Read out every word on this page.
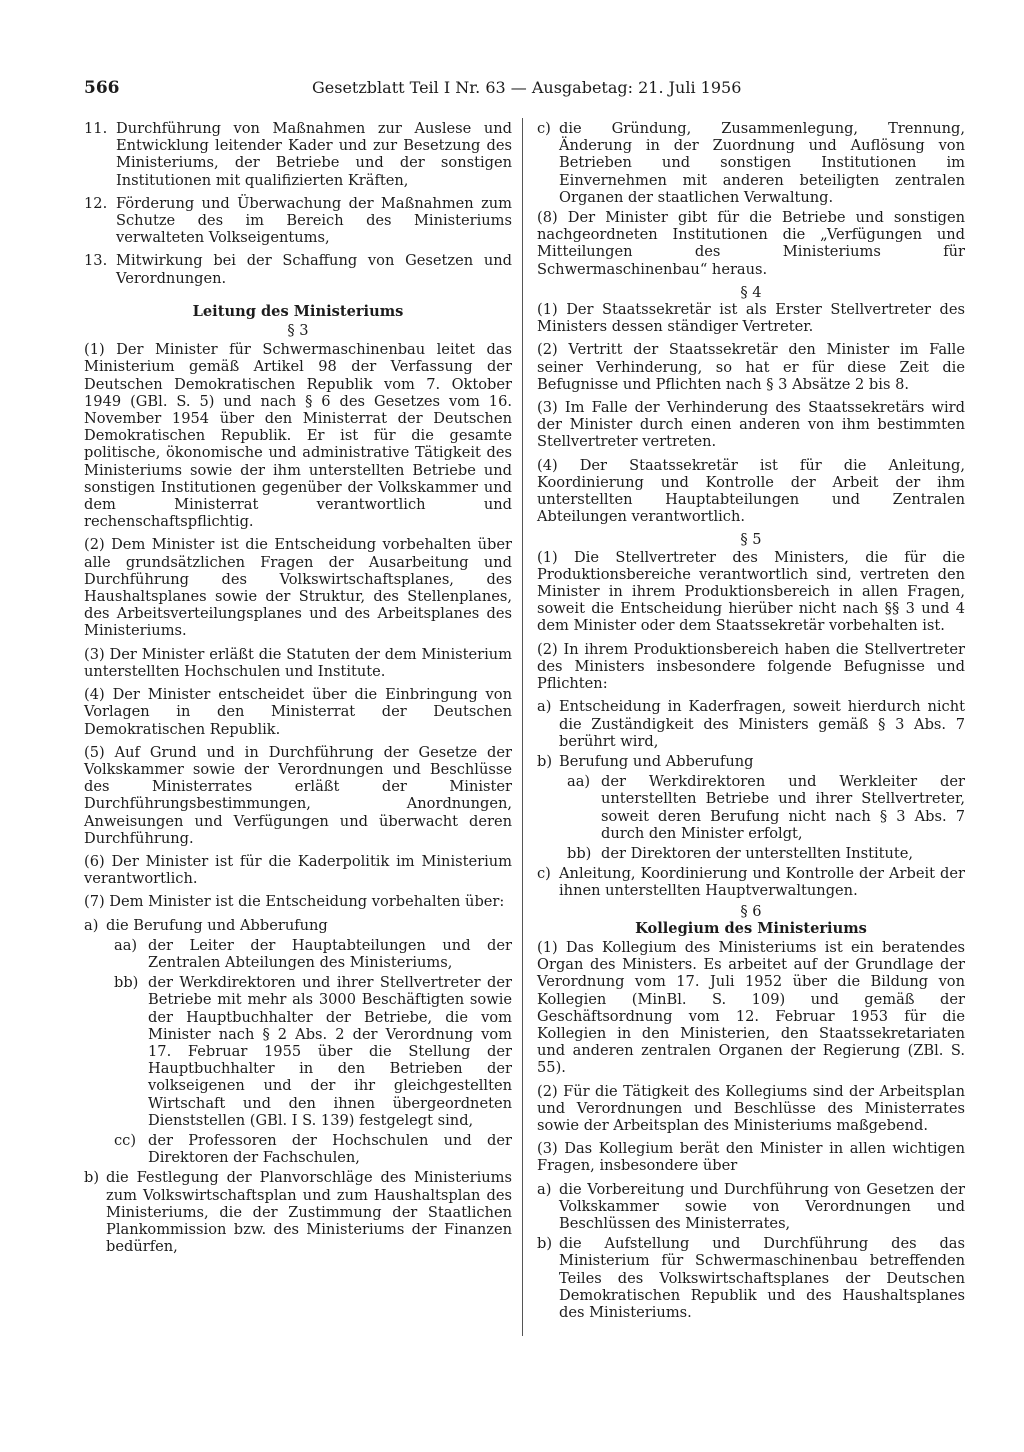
566	Gesetzblatt Teil I Nr. 63 — Ausgabetag: 21. Juli 1956
11. Durchführung von Maßnahmen zur Auslese und Entwicklung leitender Kader und zur Besetzung des Ministeriums, der Betriebe und der sonstigen Institutionen mit qualifizierten Kräften,
12. Förderung und Überwachung der Maßnahmen zum Schutze des im Bereich des Ministeriums verwalteten Volkseigentums,
13. Mitwirkung bei der Schaffung von Gesetzen und Verordnungen.
Leitung des Ministeriums
§ 3

(1) Der Minister für Schwermaschinenbau leitet das Ministerium gemäß Artikel 98 der Verfassung der Deutschen Demokratischen Republik vom 7. Oktober 1949 (GBl. S. 5) und nach § 6 des Gesetzes vom 16. November 1954 über den Ministerrat der Deutschen Demokratischen Republik. Er ist für die gesamte politische, ökonomische und administrative Tätigkeit des Ministeriums sowie der ihm unterstellten Betriebe und sonstigen Institutionen gegenüber der Volkskammer und dem Ministerrat verantwortlich und rechenschaftspflichtig.

(2) Dem Minister ist die Entscheidung vorbehalten über alle grundsätzlichen Fragen der Ausarbeitung und Durchführung des Volkswirtschaftsplanes, des Haushaltsplanes sowie der Struktur, des Stellenplanes, des Arbeitsverteilungsplanes und des Arbeitsplanes des Ministeriums.

(3) Der Minister erläßt die Statuten der dem Ministerium unterstellten Hochschulen und Institute.

(4) Der Minister entscheidet über die Einbringung von Vorlagen in den Ministerrat der Deutschen Demokratischen Republik.

(5) Auf Grund und in Durchführung der Gesetze der Volkskammer sowie der Verordnungen und Beschlüsse des Ministerrates erläßt der Minister Durchführungsbestimmungen, Anordnungen, Anweisungen und Verfügungen und überwacht deren Durchführung.

(6) Der Minister ist für die Kaderpolitik im Ministerium verantwortlich.

(7) Dem Minister ist die Entscheidung vorbehalten über:

a) die Berufung und Abberufung
aa) der Leiter der Hauptabteilungen und der Zentralen Abteilungen des Ministeriums,
bb) der Werkdirektoren und ihrer Stellvertreter der Betriebe mit mehr als 3000 Beschäftigten sowie der Hauptbuchhalter der Betriebe, die vom Minister nach § 2 Abs. 2 der Verordnung vom 17. Februar 1955 über die Stellung der Hauptbuchhalter in den Betrieben der volkseigenen und der ihr gleichgestellten Wirtschaft und den ihnen übergeordneten Dienststellen (GBl. I S. 139) festgelegt sind,
cc) der Professoren der Hochschulen und der Direktoren der Fachschulen,
b) die Festlegung der Planvorschläge des Ministeriums zum Volkswirtschaftsplan und zum Haushaltsplan des Ministeriums, die der Zustimmung der Staatlichen Plankommission bzw. des Ministeriums der Finanzen bedürfen,
c) die Gründung, Zusammenlegung, Trennung, Änderung in der Zuordnung und Auflösung von Betrieben und sonstigen Institutionen im Einvernehmen mit anderen beteiligten zentralen Organen der staatlichen Verwaltung.

(8) Der Minister gibt für die Betriebe und sonstigen nachgeordneten Institutionen die „Verfügungen und Mitteilungen des Ministeriums für Schwermaschinenbau“ heraus.

§ 4

(1) Der Staatssekretär ist als Erster Stellvertreter des Ministers dessen ständiger Vertreter.

(2) Vertritt der Staatssekretär den Minister im Falle seiner Verhinderung, so hat er für diese Zeit die Befugnisse und Pflichten nach § 3 Absätze 2 bis 8.

(3) Im Falle der Verhinderung des Staatssekretärs wird der Minister durch einen anderen von ihm bestimmten Stellvertreter vertreten.

(4) Der Staatssekretär ist für die Anleitung, Koordinierung und Kontrolle der Arbeit der ihm unterstellten Hauptabteilungen und Zentralen Abteilungen verantwortlich.

§ 5

(1) Die Stellvertreter des Ministers, die für die Produktionsbereiche verantwortlich sind, vertreten den Minister in ihrem Produktionsbereich in allen Fragen, soweit die Entscheidung hierüber nicht nach §§ 3 und 4 dem Minister oder dem Staatssekretär vorbehalten ist.

(2) In ihrem Produktionsbereich haben die Stellvertreter des Ministers insbesondere folgende Befugnisse und Pflichten:

a) Entscheidung in Kaderfragen, soweit hierdurch nicht die Zuständigkeit des Ministers gemäß § 3 Abs. 7 berührt wird,
b) Berufung und Abberufung
aa) der Werkdirektoren und Werkleiter der unterstellten Betriebe und ihrer Stellvertreter, soweit deren Berufung nicht nach § 3 Abs. 7 durch den Minister erfolgt,
bb) der Direktoren der unterstellten Institute,
c) Anleitung, Koordinierung und Kontrolle der Arbeit der ihnen unterstellten Hauptverwaltungen.
§ 6
Kollegium des Ministeriums

(1) Das Kollegium des Ministeriums ist ein beratendes Organ des Ministers. Es arbeitet auf der Grundlage der Verordnung vom 17. Juli 1952 über die Bildung von Kollegien (MinBl. S. 109) und gemäß der Geschäftsordnung vom 12. Februar 1953 für die Kollegien in den Ministerien, den Staatssekretariaten und anderen zentralen Organen der Regierung (ZBl. S. 55).

(2) Für die Tätigkeit des Kollegiums sind der Arbeitsplan und Verordnungen und Beschlüsse des Ministerrates sowie der Arbeitsplan des Ministeriums maßgebend.

(3) Das Kollegium berät den Minister in allen wichtigen Fragen, insbesondere über

a) die Vorbereitung und Durchführung von Gesetzen der Volkskammer sowie von Verordnungen und Beschlüssen des Ministerrates,
b) die Aufstellung und Durchführung des das Ministerium für Schwermaschinenbau betreffenden Teiles des Volkswirtschaftsplanes der Deutschen Demokratischen Republik und des Haushaltsplanes des Ministeriums.
